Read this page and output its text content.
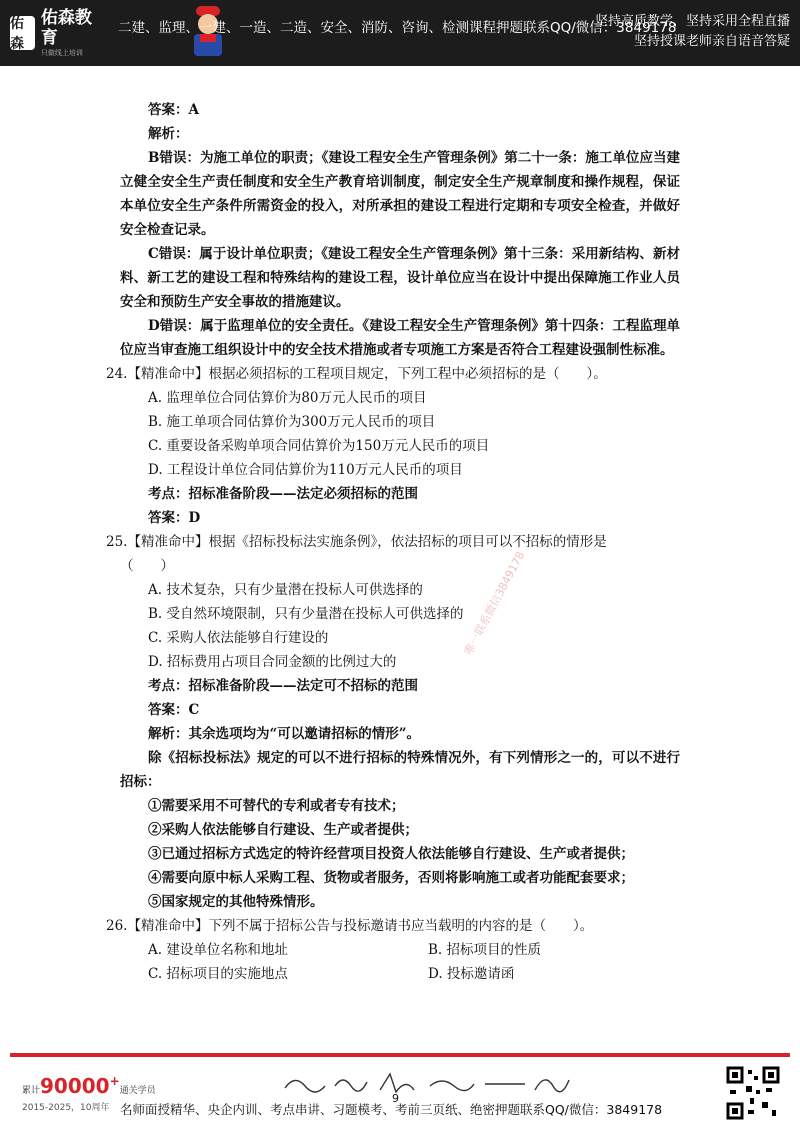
佑森
佑森教育
只做线上培训
二建、监理、一建、一造、二造、安全、消防、咨询、检测课程押题联系QQ/微信：3849178
坚持高质教学，坚持采用全程直播
坚持授课老师亲自语音答疑
答案：A
解析：
B错误：为施工单位的职责；《建设工程安全生产管理条例》第二十一条：施工单位应当建立健全安全生产责任制度和安全生产教育培训制度，制定安全生产规章制度和操作规程，保证本单位安全生产条件所需资金的投入，对所承担的建设工程进行定期和专项安全检查，并做好安全检查记录。
C错误：属于设计单位职责；《建设工程安全生产管理条例》第十三条：采用新结构、新材料、新工艺的建设工程和特殊结构的建设工程，设计单位应当在设计中提出保障施工作业人员安全和预防生产安全事故的措施建议。
D错误：属于监理单位的安全责任。《建设工程安全生产管理条例》第十四条：工程监理单位应当审查施工组织设计中的安全技术措施或者专项施工方案是否符合工程建设强制性标准。
24.【精准命中】根据必须招标的工程项目规定，下列工程中必须招标的是（　　）。
A. 监理单位合同估算价为80万元人民币的项目
B. 施工单项合同估算价为300万元人民币的项目
C. 重要设备采购单项合同估算价为150万元人民币的项目
D. 工程设计单位合同估算价为110万元人民币的项目
考点：招标准备阶段——法定必须招标的范围
答案：D
25.【精准命中】根据《招标投标法实施条例》，依法招标的项目可以不招标的情形是
（　　）
A. 技术复杂，只有少量潜在投标人可供选择的
B. 受自然环境限制，只有少量潜在投标人可供选择的
C. 采购人依法能够自行建设的
D. 招标费用占项目合同金额的比例过大的
考点：招标准备阶段——法定可不招标的范围
答案：C
解析：其余选项均为“可以邀请招标的情形”。
除《招标投标法》规定的可以不进行招标的特殊情况外，有下列情形之一的，可以不进行招标：
①需要采用不可替代的专利或者专有技术；
②采购人依法能够自行建设、生产或者提供；
③已通过招标方式选定的特许经营项目投资人依法能够自行建设、生产或者提供；
④需要向原中标人采购工程、货物或者服务，否则将影响施工或者功能配套要求；
⑤国家规定的其他特殊情形。
26.【精准命中】下列不属于招标公告与投标邀请书应当载明的内容的是（　　）。
A. 建设单位名称和地址	B. 招标项目的性质
C. 招标项目的实施地点	D. 投标邀请函
唯一联系微信3849178
累计90000+通关学员
2015-2025，10周年
9
名师面授精华、央企内训、考点串讲、习题模考、考前三页纸、绝密押题联系QQ/微信：3849178
